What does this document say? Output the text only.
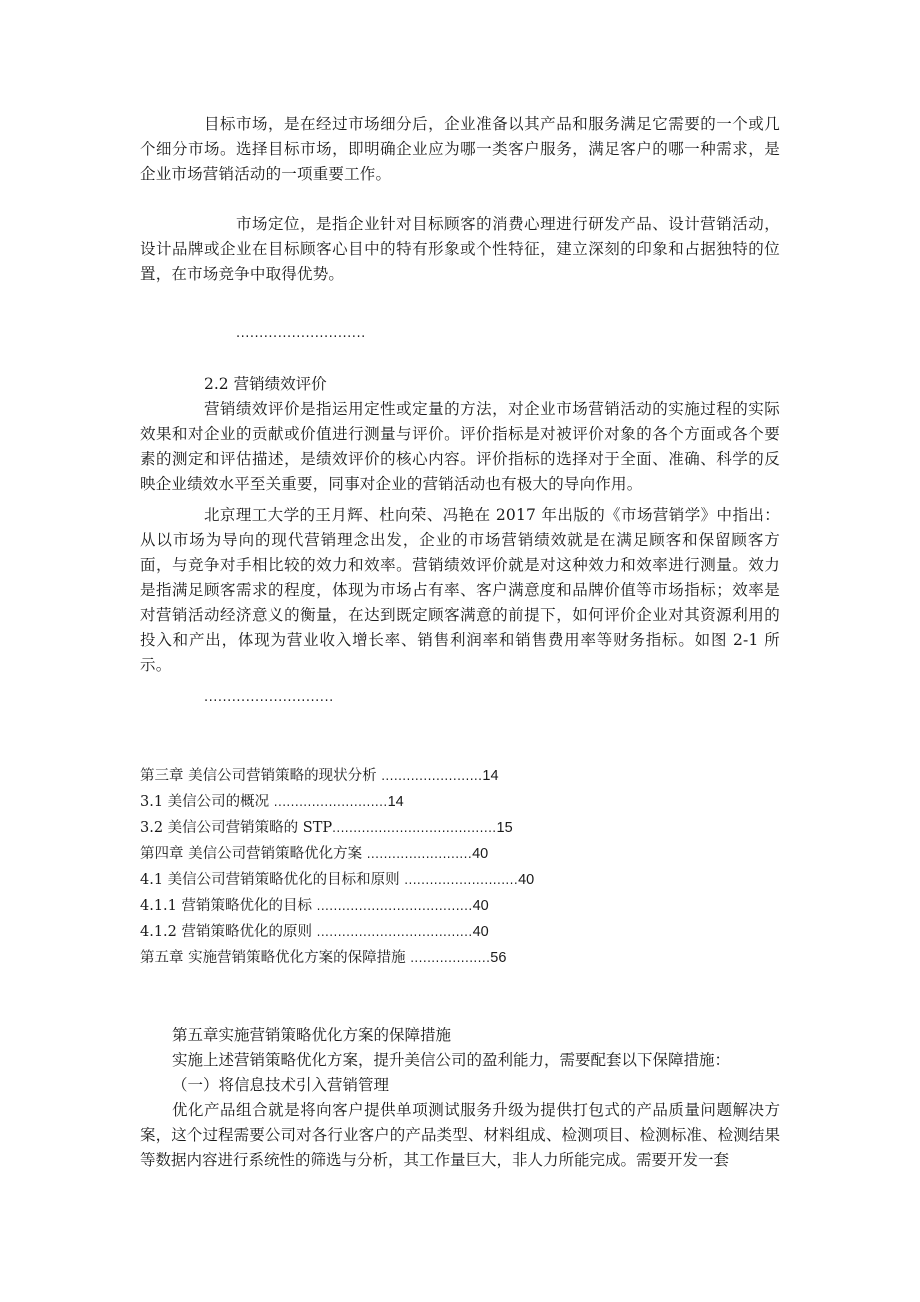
目标市场，是在经过市场细分后，企业准备以其产品和服务满足它需要的一个或几个细分市场。选择目标市场，即明确企业应为哪一类客户服务，满足客户的哪一种需求，是企业市场营销活动的一项重要工作。

市场定位，是指企业针对目标顾客的消费心理进行研发产品、设计营销活动，设计品牌或企业在目标顾客心目中的特有形象或个性特征，建立深刻的印象和占据独特的位置，在市场竞争中取得优势。

............................

2.2 营销绩效评价

营销绩效评价是指运用定性或定量的方法，对企业市场营销活动的实施过程的实际效果和对企业的贡献或价值进行测量与评价。评价指标是对被评价对象的各个方面或各个要素的测定和评估描述，是绩效评价的核心内容。评价指标的选择对于全面、准确、科学的反映企业绩效水平至关重要，同事对企业的营销活动也有极大的导向作用。

北京理工大学的王月辉、杜向荣、冯艳在 2017 年出版的《市场营销学》中指出：从以市场为导向的现代营销理念出发，企业的市场营销绩效就是在满足顾客和保留顾客方面，与竞争对手相比较的效力和效率。营销绩效评价就是对这种效力和效率进行测量。效力是指满足顾客需求的程度，体现为市场占有率、客户满意度和品牌价值等市场指标；效率是对营销活动经济意义的衡量，在达到既定顾客满意的前提下，如何评价企业对其资源利用的投入和产出，体现为营业收入增长率、销售利润率和销售费用率等财务指标。如图 2-1 所示。

............................

第三章 美信公司营销策略的现状分析 ........................14
3.1 美信公司的概况 ...........................14
3.2 美信公司营销策略的 STP.......................................15
第四章 美信公司营销策略优化方案 .........................40
4.1 美信公司营销策略优化的目标和原则 ...........................40
4.1.1 营销策略优化的目标 .....................................40
4.1.2 营销策略优化的原则 .....................................40
第五章 实施营销策略优化方案的保障措施 ...................56

第五章实施营销策略优化方案的保障措施

实施上述营销策略优化方案，提升美信公司的盈利能力，需要配套以下保障措施：

（一）将信息技术引入营销管理

优化产品组合就是将向客户提供单项测试服务升级为提供打包式的产品质量问题解决方案，这个过程需要公司对各行业客户的产品类型、材料组成、检测项目、检测标准、检测结果等数据内容进行系统性的筛选与分析，其工作量巨大，非人力所能完成。需要开发一套
